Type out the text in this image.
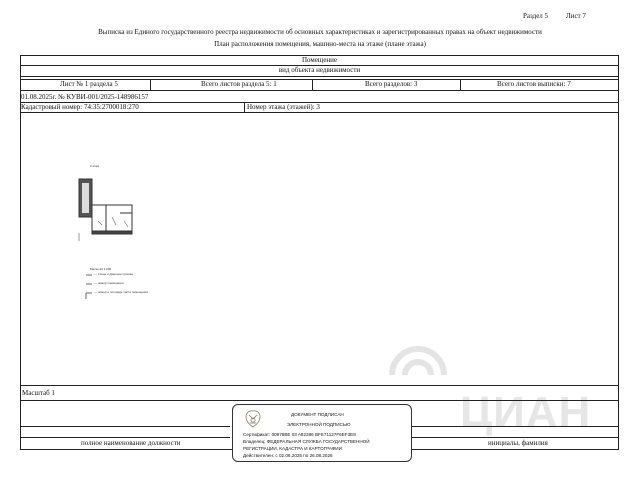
Раздел 5	Лист 7
Выписка из Единого государственного реестра недвижимости об основных характеристиках и зарегистрированных правах на объект недвижимости
План расположения помещения, машино-места на этаже (плане этажа)
Помещение
вид объекта недвижимости
Лист № 1 раздела 5	Всего листов раздела 5: 1	Всего разделов: 3	Всего листов выписки: 7
01.08.2025г. № КУВИ-001/2025-148986157
Кадастровый номер: 74:35:2700018:270	Номер этажа (этажей): 3
ЦИАН
3 этаж
Масштаб 1:200
— стены и дверные проемы
— номер помещения
— номер и площадь части помещения
Масштаб 1
полное наименование должности	инициалы, фамилия
ДОКУМЕНТ ПОДПИСАН
ЭЛЕКТРОННОЙ ПОДПИСЬЮ
Сертификат: 00978BE 03 A82386 BFE71127F6EF3E8
Владелец: ФЕДЕРАЛЬНАЯ СЛУЖБА ГОСУДАРСТВЕННОЙ
РЕГИСТРАЦИИ, КАДАСТРА И КАРТОГРАФИИ
Действителен: с 02.06.2025 по 26.08.2026
